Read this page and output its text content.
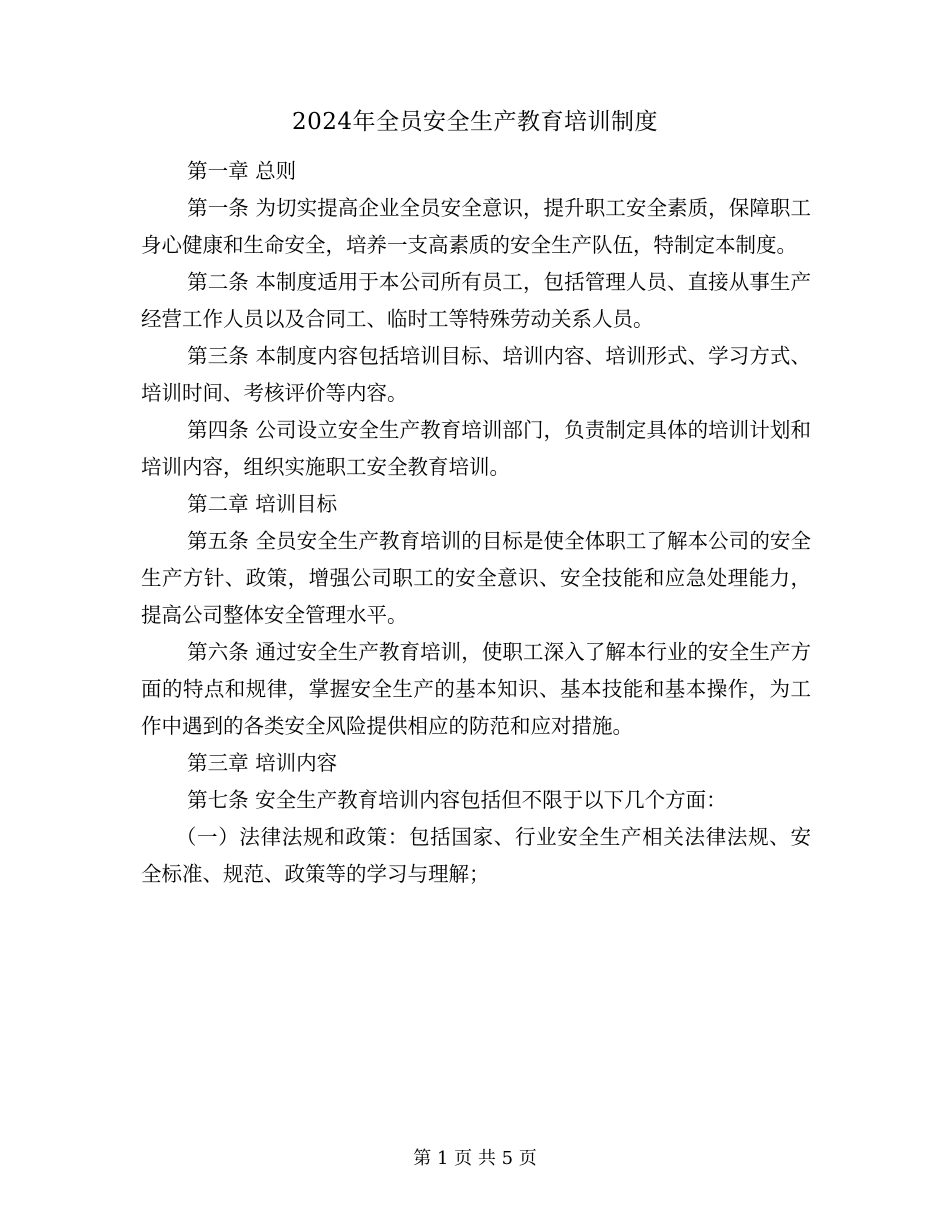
2024年全员安全生产教育培训制度

第一章 总则

第一条 为切实提高企业全员安全意识，提升职工安全素质，保障职工身心健康和生命安全，培养一支高素质的安全生产队伍，特制定本制度。

第二条 本制度适用于本公司所有员工，包括管理人员、直接从事生产经营工作人员以及合同工、临时工等特殊劳动关系人员。

第三条 本制度内容包括培训目标、培训内容、培训形式、学习方式、培训时间、考核评价等内容。

第四条 公司设立安全生产教育培训部门，负责制定具体的培训计划和培训内容，组织实施职工安全教育培训。

第二章 培训目标

第五条 全员安全生产教育培训的目标是使全体职工了解本公司的安全生产方针、政策，增强公司职工的安全意识、安全技能和应急处理能力，提高公司整体安全管理水平。

第六条 通过安全生产教育培训，使职工深入了解本行业的安全生产方面的特点和规律，掌握安全生产的基本知识、基本技能和基本操作，为工作中遇到的各类安全风险提供相应的防范和应对措施。

第三章 培训内容

第七条 安全生产教育培训内容包括但不限于以下几个方面：

（一）法律法规和政策：包括国家、行业安全生产相关法律法规、安全标准、规范、政策等的学习与理解；

第 1 页 共 5 页
